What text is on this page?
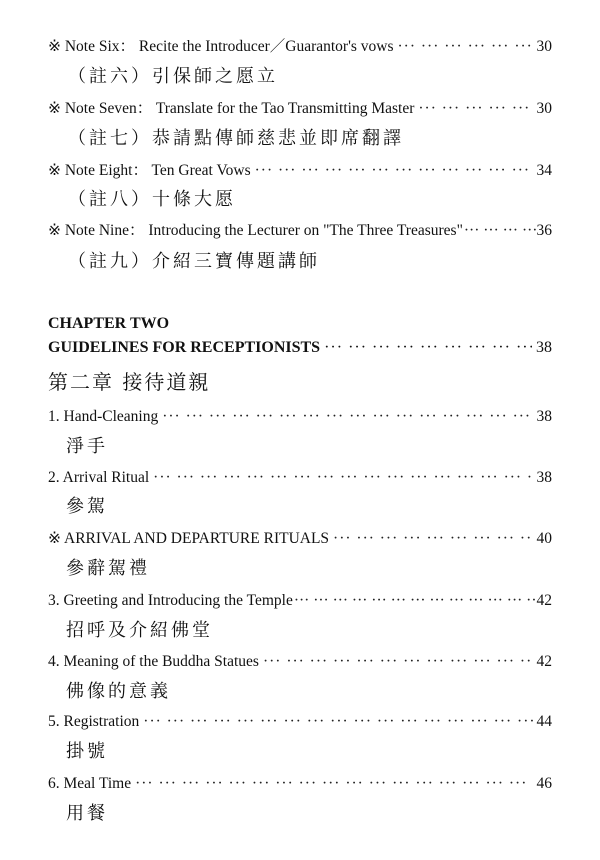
※ Note Six： Recite the Introducer／Guarantor's vows ··· ·	30
（註六）引保師之愿立
※ Note Seven： Translate for the Tao Transmitting Master ··· ·	30
（註七）恭請點傳師慈悲並即席翻譯
※ Note Eight： Ten Great Vows ··· ·	34
（註八）十條大愿
※ Note Nine： Introducing the Lecturer on "The Three Treasures" ··· ·	36
（註九）介紹三寶傳題講師
CHAPTER TWO
GUIDELINES FOR RECEPTIONISTS ··· ·	38
第二章 接待道親
1. Hand-Cleaning ··· ·	38
淨手
2. Arrival Ritual ··· ·	38
參駕
※ ARRIVAL AND DEPARTURE RITUALS ··· ·	40
參辭駕禮
3. Greeting and Introducing the Temple ··· ·	42
招呼及介紹佛堂
4. Meaning of the Buddha Statues ··· ·	42
佛像的意義
5. Registration ··· ·	44
掛號
6. Meal Time ··· ·	46
用餐
